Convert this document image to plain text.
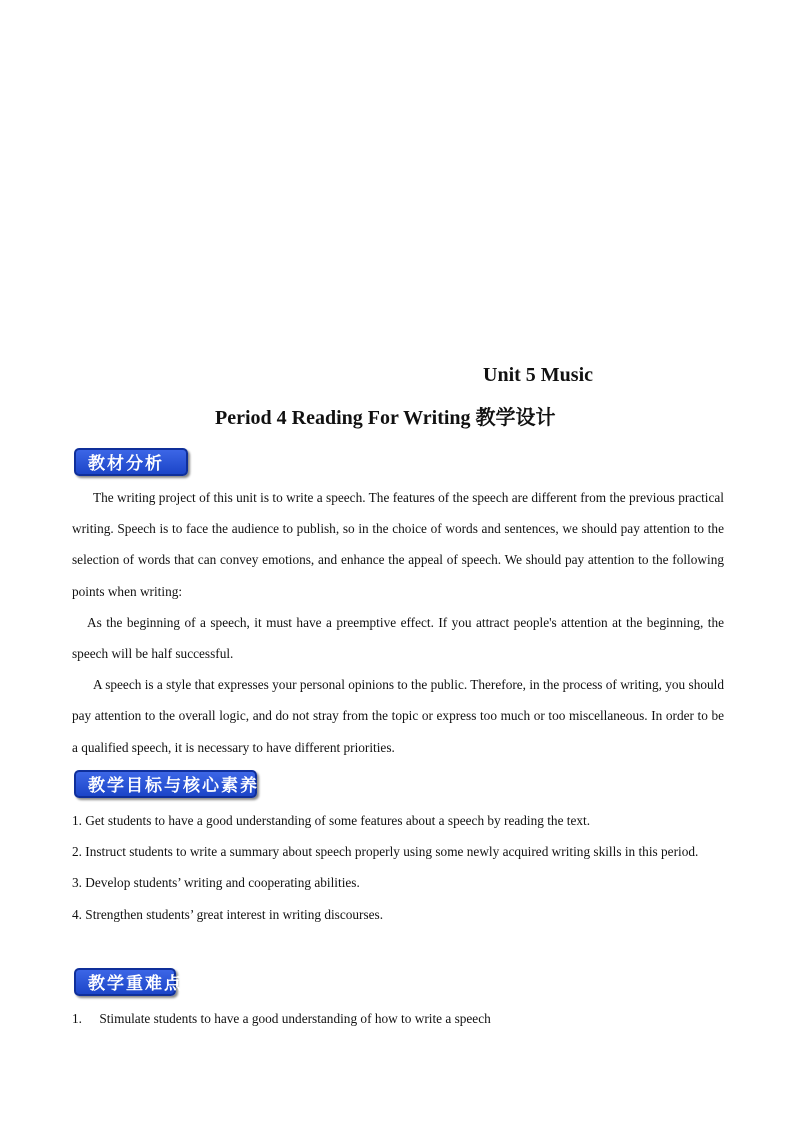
Unit 5 Music
Period 4 Reading For Writing 教学设计
教材分析

The writing project of this unit is to write a speech. The features of the speech are different from the previous practical writing. Speech is to face the audience to publish, so in the choice of words and sentences, we should pay attention to the selection of words that can convey emotions, and enhance the appeal of speech. We should pay attention to the following points when writing:

As the beginning of a speech, it must have a preemptive effect. If you attract people's attention at the beginning, the speech will be half successful.

A speech is a style that expresses your personal opinions to the public. Therefore, in the process of writing, you should pay attention to the overall logic, and do not stray from the topic or express too much or too miscellaneous. In order to be a qualified speech, it is necessary to have different priorities.

教学目标与核心素养

1. Get students to have a good understanding of some features about a speech by reading the text.

2. Instruct students to write a summary about speech properly using some newly acquired writing skills in this period.

3. Develop students’ writing and cooperating abilities.

4. Strengthen students’ great interest in writing discourses.

教学重难点

1. Stimulate students to have a good understanding of how to write a speech
